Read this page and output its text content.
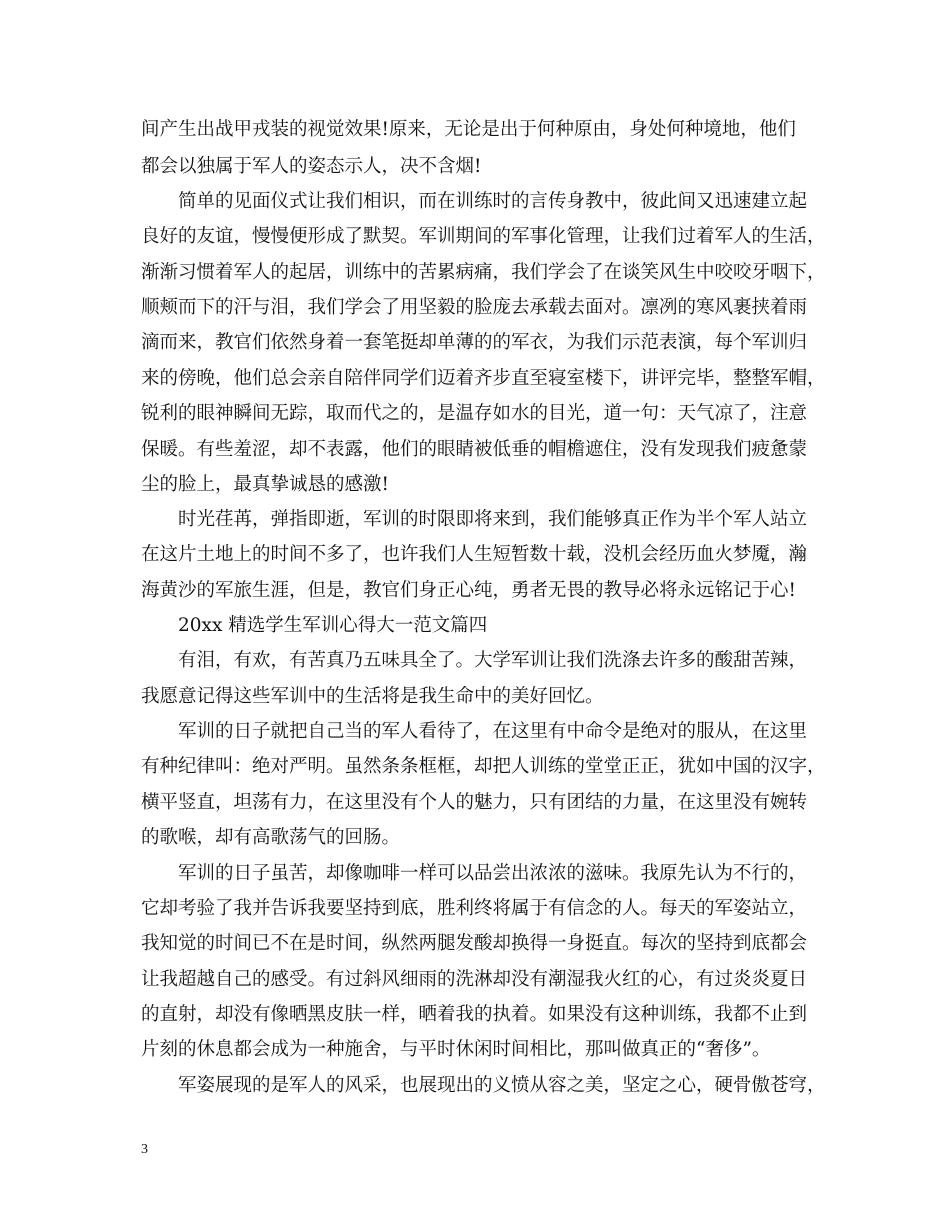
间产生出战甲戎装的视觉效果!原来，无论是出于何种原由，身处何种境地，他们
都会以独属于军人的姿态示人，决不含烟!
简单的见面仪式让我们相识，而在训练时的言传身教中，彼此间又迅速建立起
良好的友谊，慢慢便形成了默契。军训期间的军事化管理，让我们过着军人的生活，
渐渐习惯着军人的起居，训练中的苦累病痛，我们学会了在谈笑风生中咬咬牙咽下，
顺颊而下的汗与泪，我们学会了用坚毅的脸庞去承载去面对。凛冽的寒风裹挟着雨
滴而来，教官们依然身着一套笔挺却单薄的的军衣，为我们示范表演，每个军训归
来的傍晚，他们总会亲自陪伴同学们迈着齐步直至寝室楼下，讲评完毕，整整军帽，
锐利的眼神瞬间无踪，取而代之的，是温存如水的目光，道一句：天气凉了，注意
保暖。有些羞涩，却不表露，他们的眼睛被低垂的帽檐遮住，没有发现我们疲惫蒙
尘的脸上，最真挚诚恳的感激!
时光荏苒，弹指即逝，军训的时限即将来到，我们能够真正作为半个军人站立
在这片土地上的时间不多了，也许我们人生短暂数十载，没机会经历血火梦魇，瀚
海黄沙的军旅生涯，但是，教官们身正心纯，勇者无畏的教导必将永远铭记于心!
20xx 精选学生军训心得大一范文篇四
有泪，有欢，有苦真乃五味具全了。大学军训让我们洗涤去许多的酸甜苦辣，
我愿意记得这些军训中的生活将是我生命中的美好回忆。
军训的日子就把自己当的军人看待了，在这里有中命令是绝对的服从，在这里
有种纪律叫：绝对严明。虽然条条框框，却把人训练的堂堂正正，犹如中国的汉字，
横平竖直，坦荡有力，在这里没有个人的魅力，只有团结的力量，在这里没有婉转
的歌喉，却有高歌荡气的回肠。
军训的日子虽苦，却像咖啡一样可以品尝出浓浓的滋味。我原先认为不行的，
它却考验了我并告诉我要坚持到底，胜利终将属于有信念的人。每天的军姿站立，
我知觉的时间已不在是时间，纵然两腿发酸却换得一身挺直。每次的坚持到底都会
让我超越自己的感受。有过斜风细雨的洗淋却没有潮湿我火红的心，有过炎炎夏日
的直射，却没有像晒黑皮肤一样，晒着我的执着。如果没有这种训练，我都不止到
片刻的休息都会成为一种施舍，与平时休闲时间相比，那叫做真正的“奢侈”。
军姿展现的是军人的风采，也展现出的义愤从容之美，坚定之心，硬骨傲苍穹，
3
